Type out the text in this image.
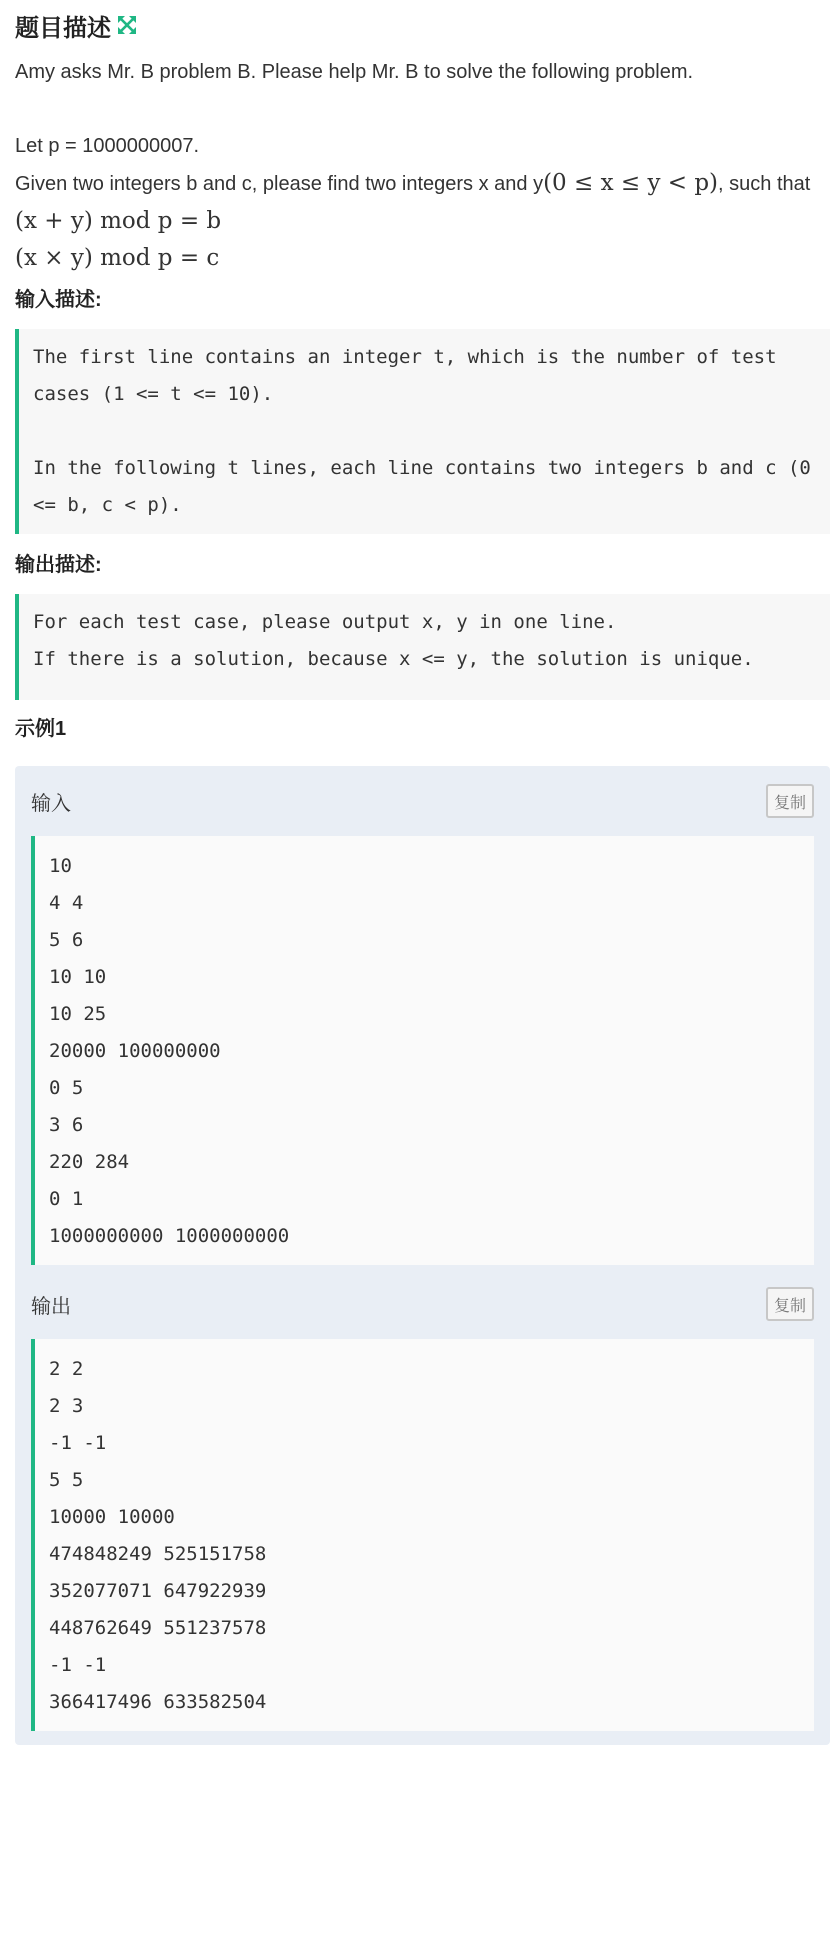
题目描述
Amy asks Mr. B problem B. Please help Mr. B to solve the following problem.
Let p = 1000000007.
Given two integers b and c, please find two integers x and y(0 ≤ x ≤ y < p), such that
(x + y) mod p = b
(x × y) mod p = c
输入描述:
The first line contains an integer t, which is the number of test cases (1 <= t <= 10).

In the following t lines, each line contains two integers b and c (0 <= b, c < p).
输出描述:
For each test case, please output x, y in one line.
If there is a solution, because x <= y, the solution is unique.
示例1
输入	复制
10
4 4
5 6
10 10
10 25
20000 100000000
0 5
3 6
220 284
0 1
1000000000 1000000000
输出	复制
2 2
2 3
-1 -1
5 5
10000 10000
474848249 525151758
352077071 647922939
448762649 551237578
-1 -1
366417496 633582504
